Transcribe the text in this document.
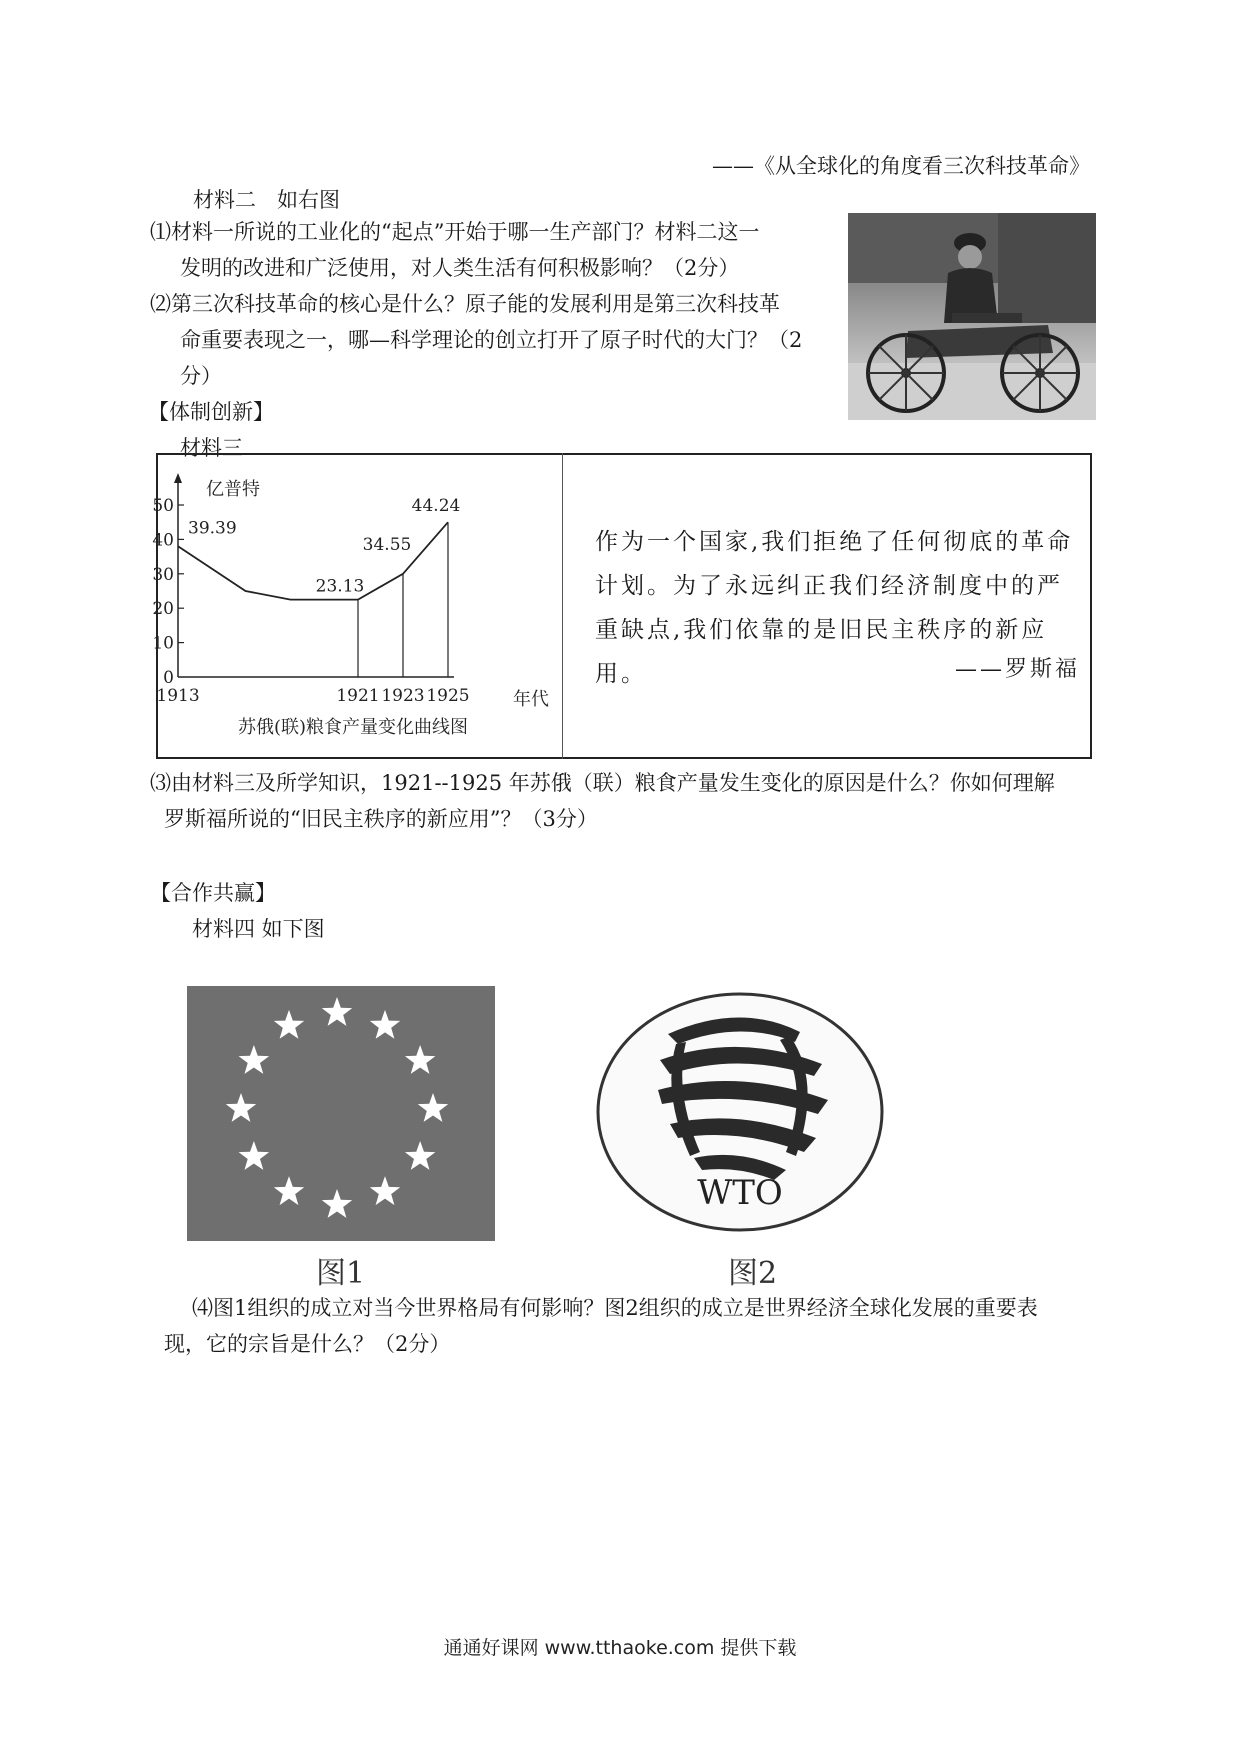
——《从全球化的角度看三次科技革命》
材料二　如右图
⑴材料一所说的工业化的“起点”开始于哪一生产部门？材料二这一
发明的改进和广泛使用，对人类生活有何积极影响？（2分）
⑵第三次科技革命的核心是什么？原子能的发展利用是第三次科技革
命重要表现之一，哪—科学理论的创立打开了原子时代的大门？（2
分）
【体制创新】
材料三
亿普特
年代
苏俄(联)粮食产量变化曲线图
0
10
20
30
40
50
1913	1921 1923 1925
39.39
23.13
34.55
44.24
作为一个国家,我们拒绝了任何彻底的革命计划。为了永远纠正我们经济制度中的严重缺点,我们依靠的是旧民主秩序的新应用。	——罗斯福
⑶由材料三及所学知识，1921--1925 年苏俄（联）粮食产量发生变化的原因是什么？你如何理解
罗斯福所说的“旧民主秩序的新应用”？（3分）
【合作共赢】
材料四 如下图
图1
WTO
图2
⑷图1组织的成立对当今世界格局有何影响？图2组织的成立是世界经济全球化发展的重要表
现，它的宗旨是什么？（2分）
通通好课网 www.tthaoke.com 提供下载
